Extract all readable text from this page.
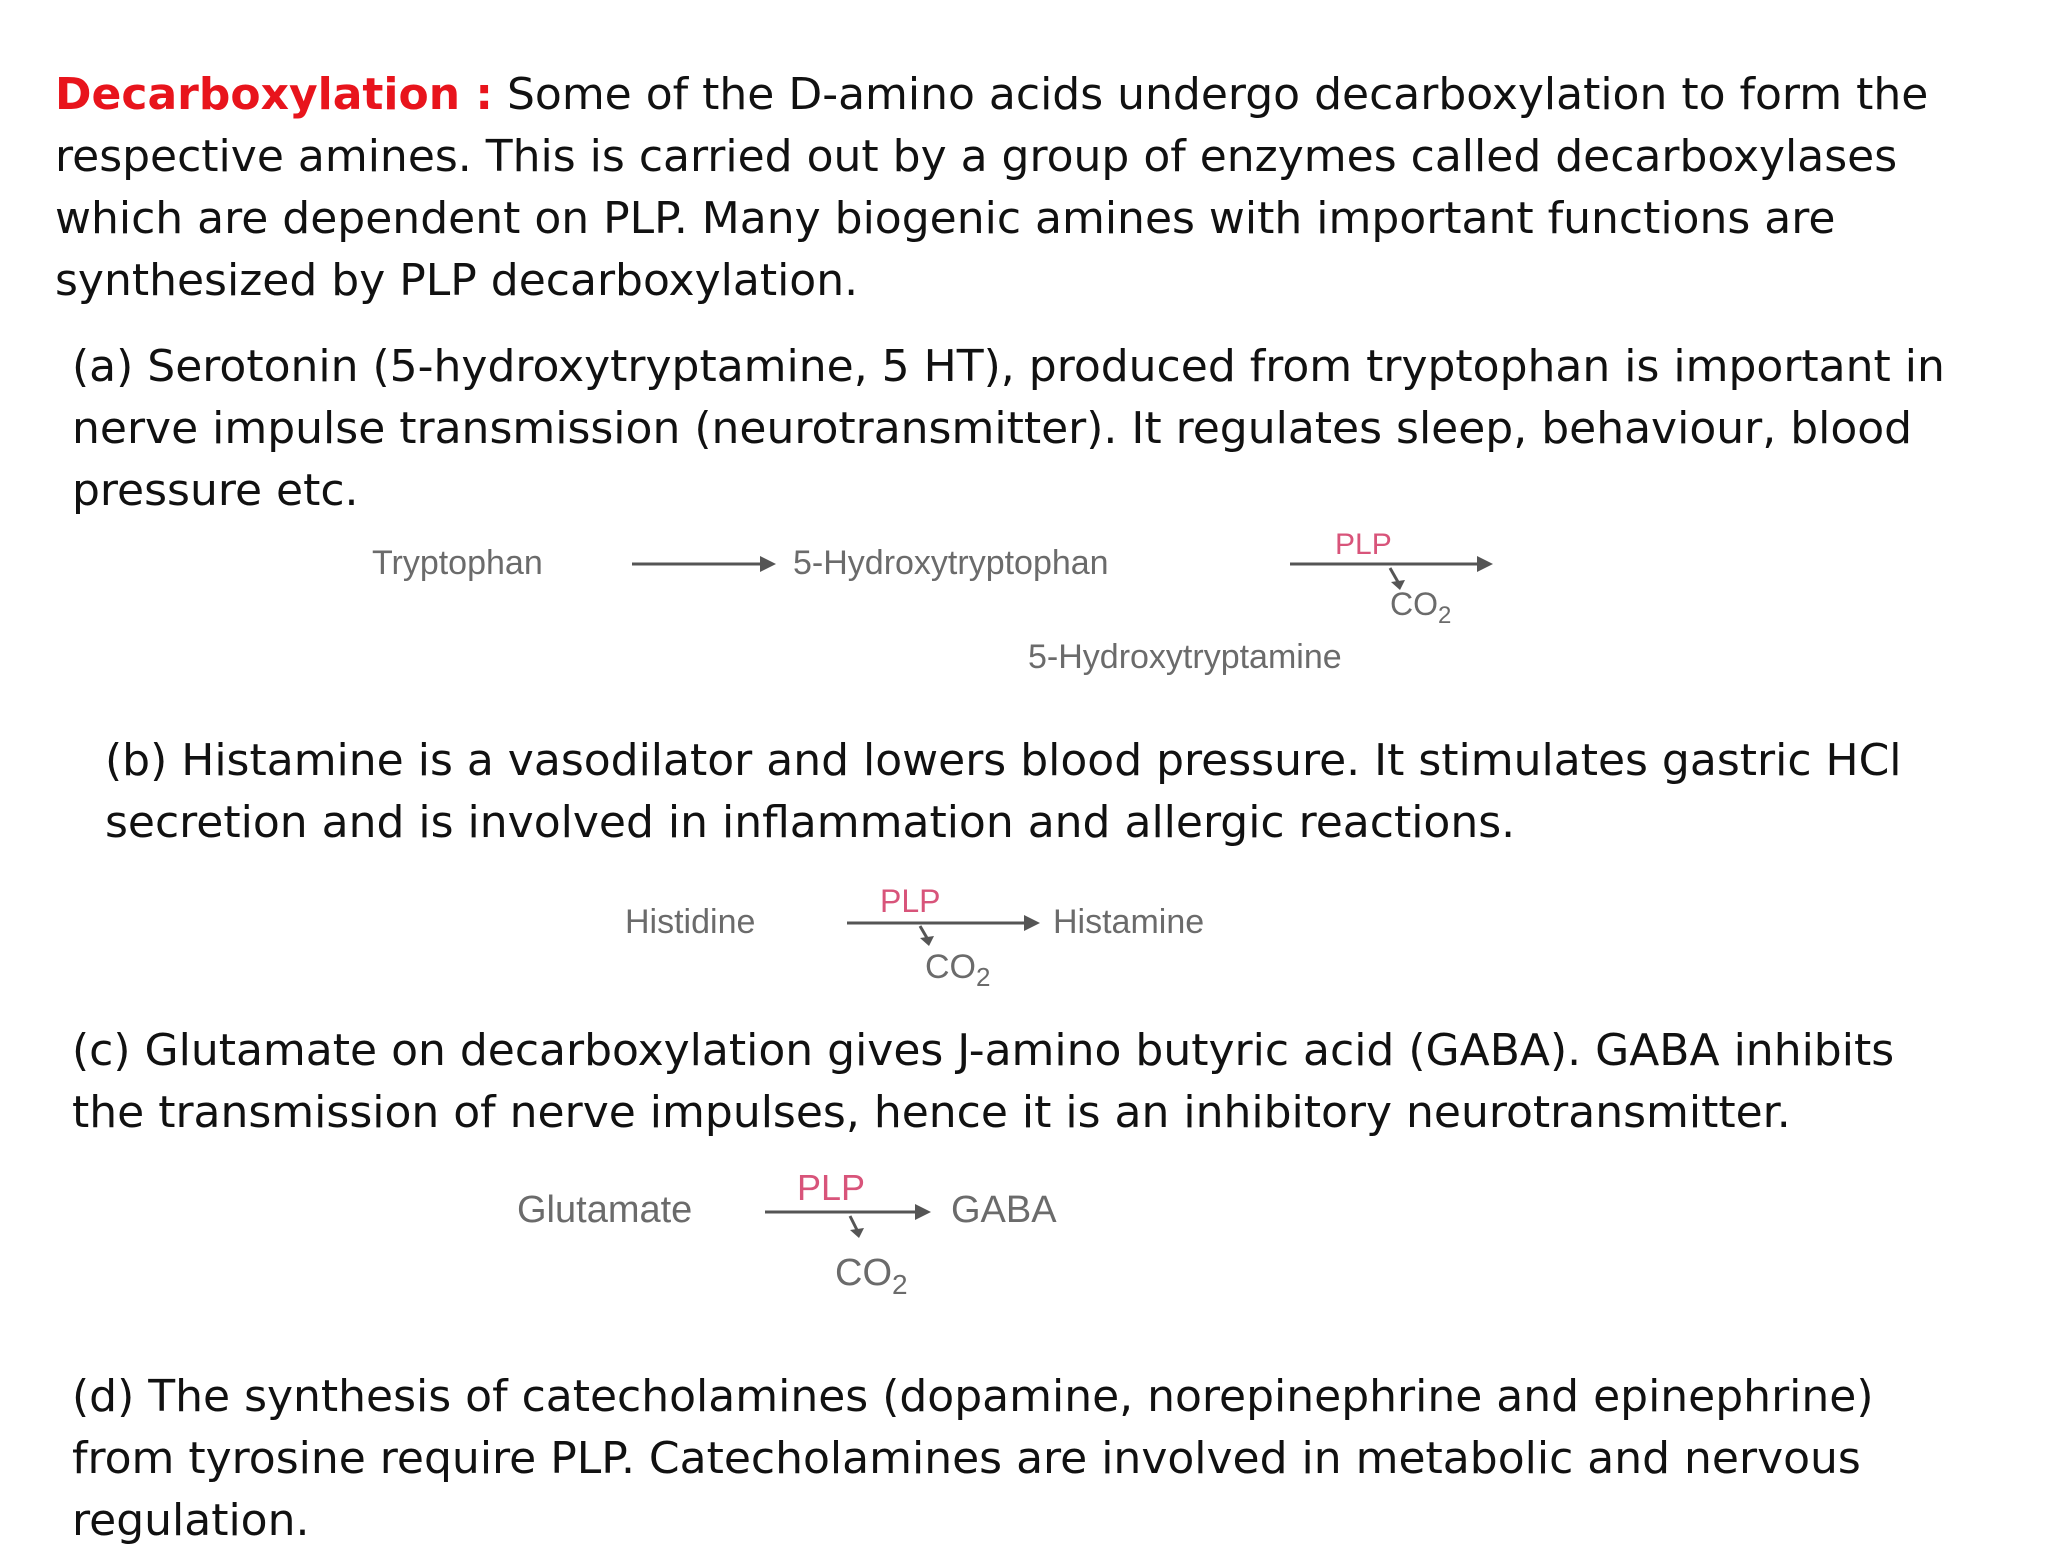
Decarboxylation : Some of the D-amino acids undergo decarboxylation to form the respective amines. This is carried out by a group of enzymes called decarboxylases which are dependent on PLP. Many biogenic amines with important functions are synthesized by PLP decarboxylation.

(a) Serotonin (5-hydroxytryptamine, 5 HT), produced from tryptophan is important in nerve impulse transmission (neurotransmitter). It regulates sleep, behaviour, blood pressure etc.

Tryptophan	5-Hydroxytryptophan	PLP
$CO_2$
5-Hydroxytryptamine

(b) Histamine is a vasodilator and lowers blood pressure. It stimulates gastric HCl secretion and is involved in inflammation and allergic reactions.

Histidine
PLP
$CO_2$
Histamine

(c) Glutamate on decarboxylation gives J-amino butyric acid (GABA). GABA inhibits the transmission of nerve impulses, hence it is an inhibitory neurotransmitter.

Glutamate
PLP
$CO_2$
GABA

(d) The synthesis of catecholamines (dopamine, norepinephrine and epinephrine) from tyrosine require PLP. Catecholamines are involved in metabolic and nervous regulation.
